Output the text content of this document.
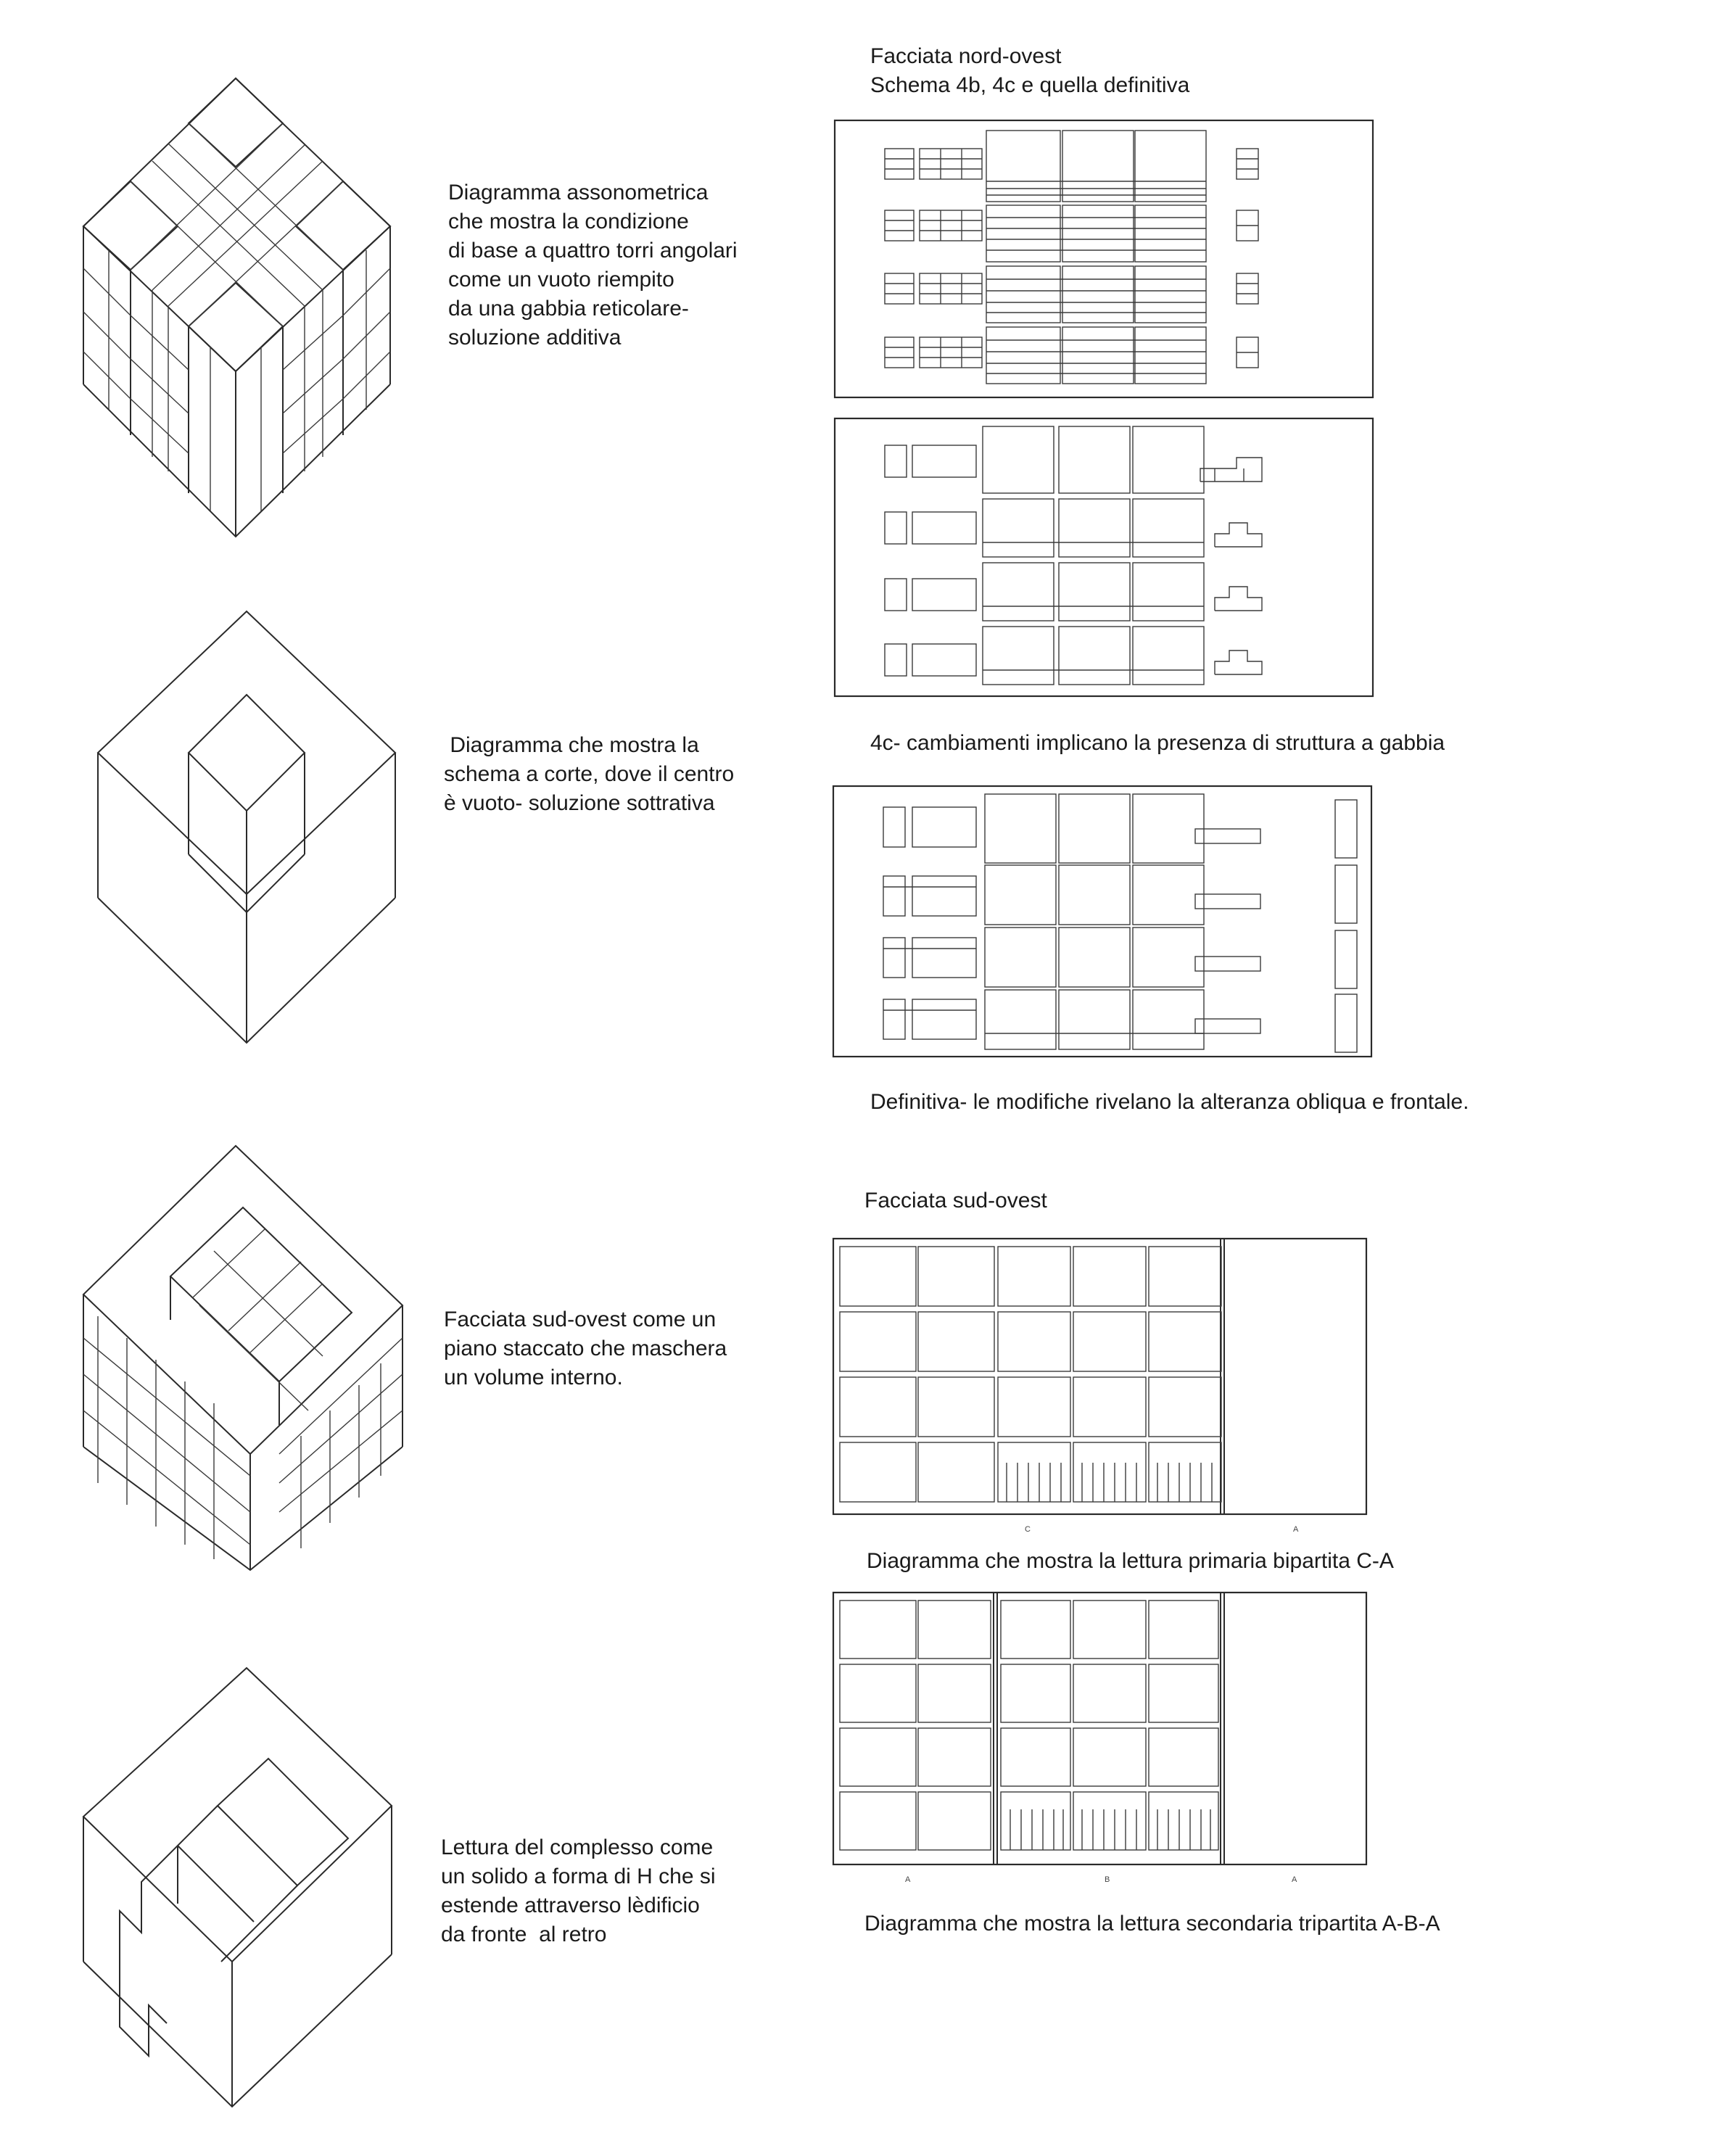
Diagramma assonometrica
che mostra la condizione
di base a quattro torri angolari
come un vuoto riempito
da una gabbia reticolare-
soluzione additiva
Diagramma che mostra la
schema a corte, dove il centro
è vuoto- soluzione sottrativa
Facciata sud-ovest come un
piano staccato che maschera
un volume interno.
Lettura del complesso come
un solido a forma di H che si
estende attraverso lèdificio
da fronte  al retro
Facciata nord-ovest
Schema 4b, 4c e quella definitiva
4c- cambiamenti implicano la presenza di struttura a gabbia
Definitiva- le modifiche rivelano la alteranza obliqua e frontale.
Facciata sud-ovest
C	A
Diagramma che mostra la lettura primaria bipartita C-A
A	B	A
Diagramma che mostra la lettura secondaria tripartita A-B-A
